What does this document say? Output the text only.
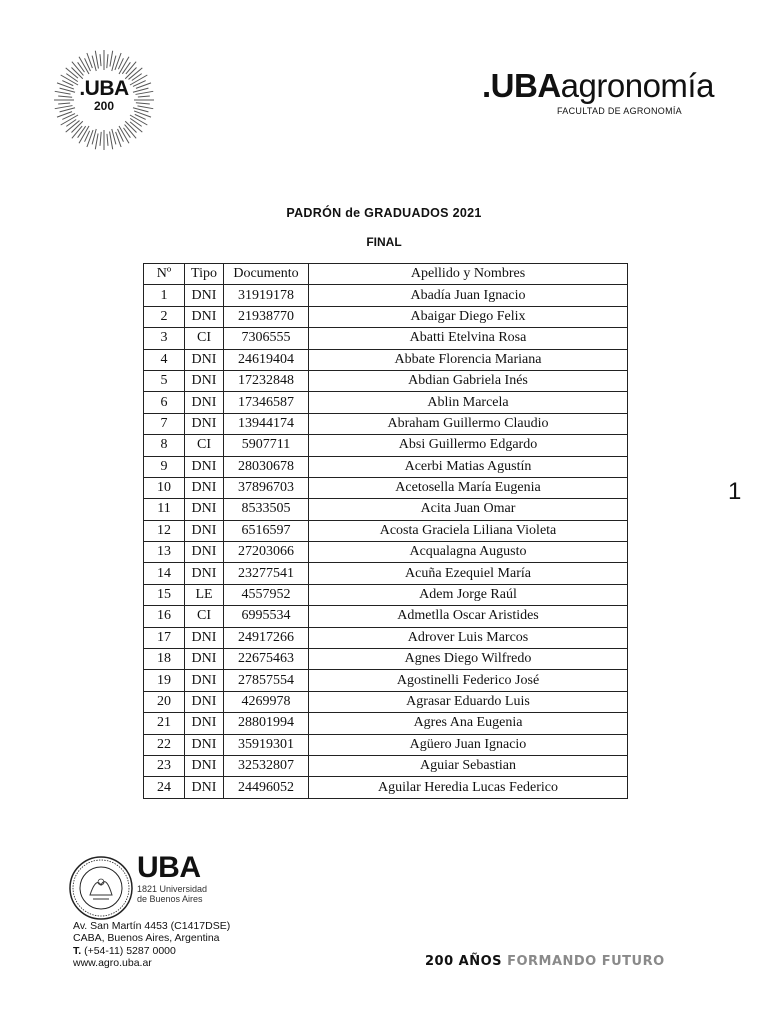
.UBA
200
.UBAagronomía
FACULTAD DE AGRONOMÍA
PADRÓN de GRADUADOS 2021
FINAL
Nº	Tipo	Documento	Apellido y Nombres
1	DNI	31919178	Abadía Juan Ignacio
2	DNI	21938770	Abaigar Diego Felix
3	CI	7306555	Abatti Etelvina Rosa
4	DNI	24619404	Abbate Florencia Mariana
5	DNI	17232848	Abdian Gabriela Inés
6	DNI	17346587	Ablin Marcela
7	DNI	13944174	Abraham Guillermo Claudio
8	CI	5907711	Absi Guillermo Edgardo
9	DNI	28030678	Acerbi Matias Agustín
10	DNI	37896703	Acetosella María Eugenia
11	DNI	8533505	Acita Juan Omar
12	DNI	6516597	Acosta Graciela Liliana Violeta
13	DNI	27203066	Acqualagna Augusto
14	DNI	23277541	Acuña Ezequiel María
15	LE	4557952	Adem Jorge Raúl
16	CI	6995534	Admetlla Oscar Aristides
17	DNI	24917266	Adrover Luis Marcos
18	DNI	22675463	Agnes Diego Wilfredo
19	DNI	27857554	Agostinelli Federico José
20	DNI	4269978	Agrasar Eduardo Luis
21	DNI	28801994	Agres Ana Eugenia
22	DNI	35919301	Agüero Juan Ignacio
23	DNI	32532807	Aguiar Sebastian
24	DNI	24496052	Aguilar Heredia Lucas Federico
1
UBA
1821 Universidad
de Buenos Aires
Av. San Martín 4453 (C1417DSE)
CABA, Buenos Aires, Argentina
T. (+54-11) 5287 0000
www.agro.uba.ar	200 AÑOS FORMANDO FUTURO
